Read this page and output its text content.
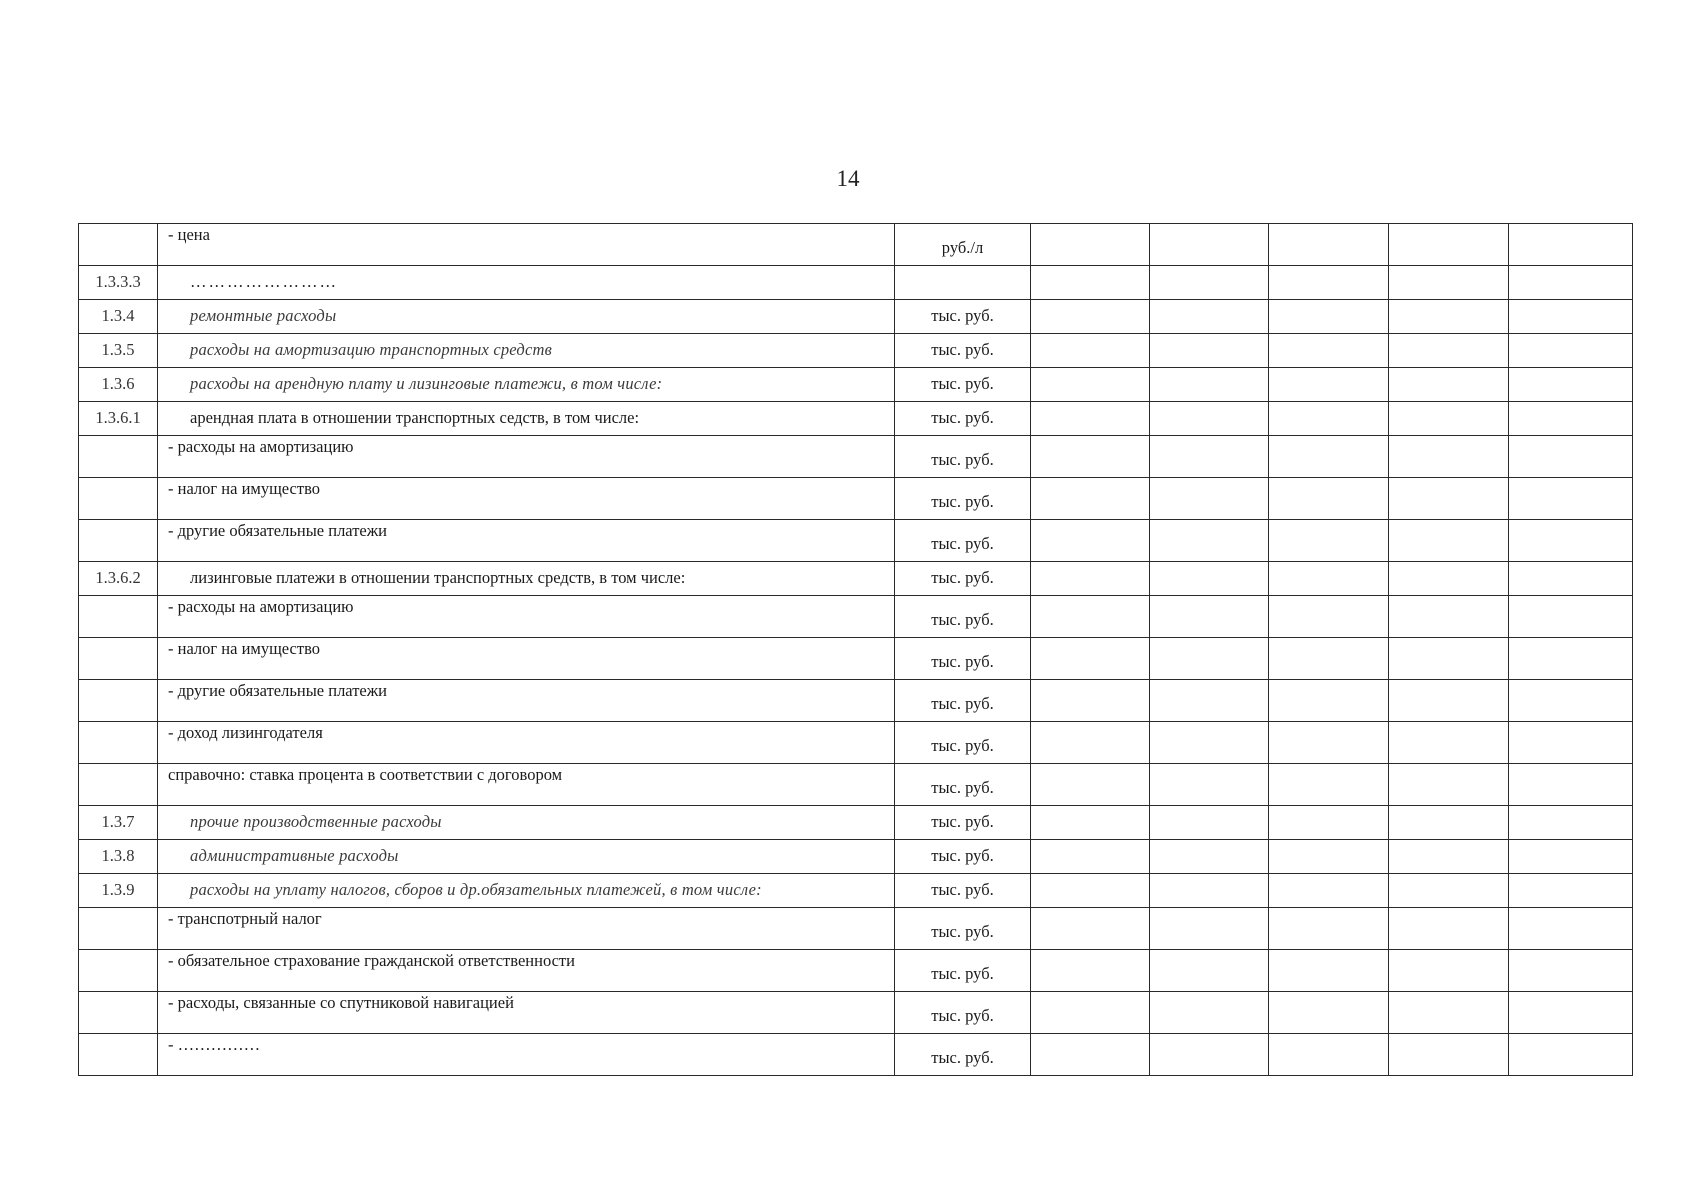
14
	- цена	руб./л					
1.3.3.3	……………………						
1.3.4	ремонтные расходы	тыс. руб.					
1.3.5	расходы на амортизацию транспортных средств	тыс. руб.					
1.3.6	расходы на арендную плату и лизинговые платежи, в том числе:	тыс. руб.					
1.3.6.1	арендная плата в отношении транспортных седств, в том числе:	тыс. руб.					
	- расходы на амортизацию	тыс. руб.					
	- налог на имущество	тыс. руб.					
	- другие обязательные платежи	тыс. руб.					
1.3.6.2	лизинговые платежи в отношении транспортных средств, в том числе:	тыс. руб.					
	- расходы на амортизацию	тыс. руб.					
	- налог на имущество	тыс. руб.					
	- другие обязательные платежи	тыс. руб.					
	- доход лизингодателя	тыс. руб.					
	справочно: ставка процента в соответствии с договором	тыс. руб.					
1.3.7	прочие производственные расходы	тыс. руб.					
1.3.8	административные расходы	тыс. руб.					
1.3.9	расходы на уплату налогов, сборов и др.обязательных платежей, в том числе:	тыс. руб.					
	- транспотрный налог	тыс. руб.					
	- обязательное страхование гражданской ответственности	тыс. руб.					
	- расходы, связанные со спутниковой навигацией	тыс. руб.					
	- ……………	тыс. руб.					
